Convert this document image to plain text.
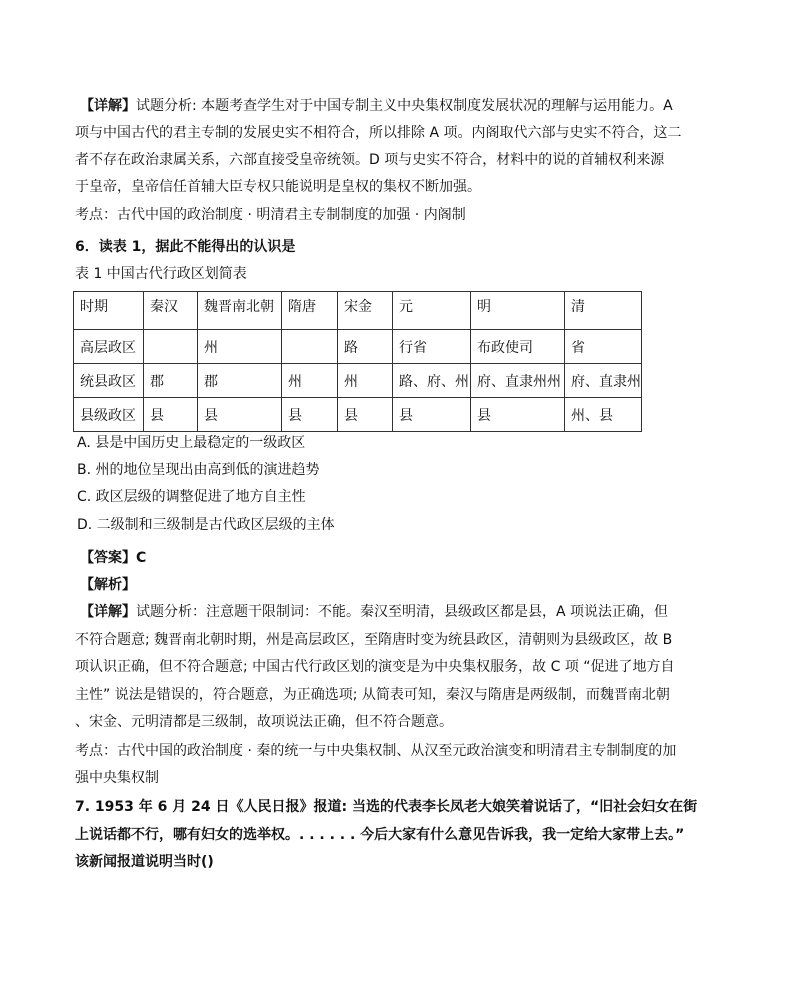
【详解】试题分析: 本题考查学生对于中国专制主义中央集权制度发展状况的理解与运用能力。A
项与中国古代的君主专制的发展史实不相符合，所以排除 A 项。内阁取代六部与史实不符合，这二
者不存在政治隶属关系，六部直接受皇帝统领。D 项与史实不符合，材料中的说的首辅权利来源
于皇帝，皇帝信任首辅大臣专权只能说明是皇权的集权不断加强。
考点：古代中国的政治制度 · 明清君主专制制度的加强 · 内阁制
6．读表 1，据此不能得出的认识是
表 1 中国古代行政区划简表
时期	秦汉	魏晋南北朝	隋唐	宋金	元	明	清
高层政区		州		路	行省	布政使司	省
统县政区	郡	郡	州	州	路、府、州	府、直隶州州	府、直隶州
县级政区	县	县	县	县	县	县	州、县
A. 县是中国历史上最稳定的一级政区
B. 州的地位呈现出由高到低的演进趋势
C. 政区层级的调整促进了地方自主性
D. 二级制和三级制是古代政区层级的主体
【答案】C
【解析】
【详解】试题分析：注意题干限制词：不能。秦汉至明清，县级政区都是县，A 项说法正确，但
不符合题意; 魏晋南北朝时期，州是高层政区，至隋唐时变为统县政区，清朝则为县级政区，故 B
项认识正确，但不符合题意; 中国古代行政区划的演变是为中央集权服务，故 C 项 “促进了地方自
主性” 说法是错误的，符合题意，为正确选项; 从简表可知，秦汉与隋唐是两级制，而魏晋南北朝
、宋金、元明清都是三级制，故项说法正确，但不符合题意。
考点：古代中国的政治制度 · 秦的统一与中央集权制、从汉至元政治演变和明清君主专制制度的加
强中央集权制
7. 1953 年 6 月 24 日《人民日报》报道: 当选的代表李长凤老大娘笑着说话了，“旧社会妇女在街
上说话都不行，哪有妇女的选举权。. . . . . . 今后大家有什么意见告诉我，我一定给大家带上去。”
该新闻报道说明当时()
